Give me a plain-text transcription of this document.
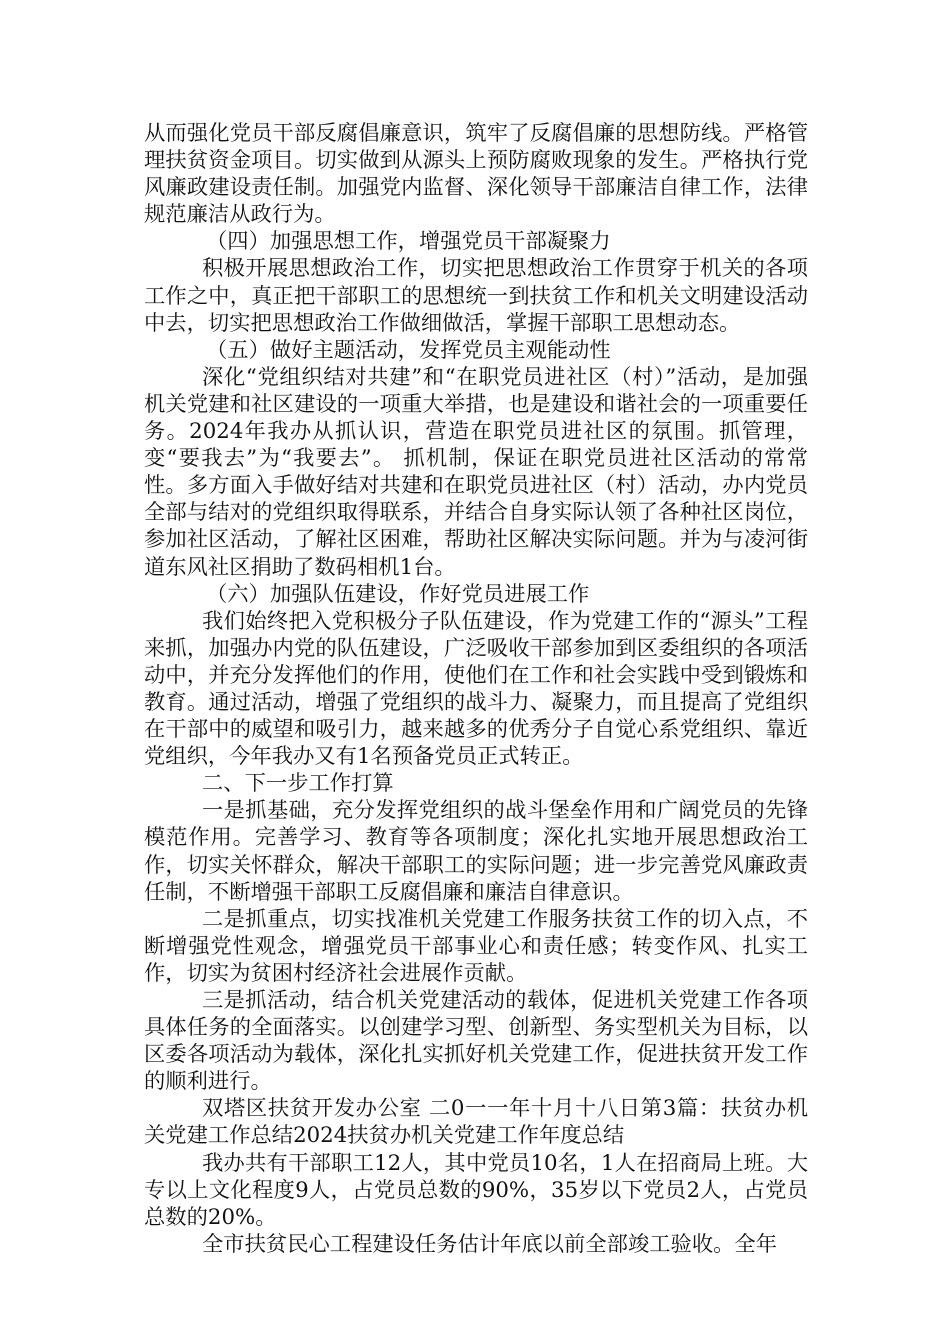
从而强化党员干部反腐倡廉意识，筑牢了反腐倡廉的思想防线。严格管理扶贫资金项目。切实做到从源头上预防腐败现象的发生。严格执行党风廉政建设责任制。加强党内监督、深化领导干部廉洁自律工作，法律规范廉洁从政行为。

（四）加强思想工作，增强党员干部凝聚力

积极开展思想政治工作，切实把思想政治工作贯穿于机关的各项工作之中，真正把干部职工的思想统一到扶贫工作和机关文明建设活动中去，切实把思想政治工作做细做活，掌握干部职工思想动态。

（五）做好主题活动，发挥党员主观能动性

深化“党组织结对共建”和“在职党员进社区（村）”活动，是加强机关党建和社区建设的一项重大举措，也是建设和谐社会的一项重要任务。2024年我办从抓认识，营造在职党员进社区的氛围。抓管理，变“要我去”为“我要去”。 抓机制，保证在职党员进社区活动的常常性。多方面入手做好结对共建和在职党员进社区（村）活动，办内党员全部与结对的党组织取得联系，并结合自身实际认领了各种社区岗位，参加社区活动，了解社区困难，帮助社区解决实际问题。并为与凌河街道东风社区捐助了数码相机1台。

（六）加强队伍建设，作好党员进展工作

我们始终把入党积极分子队伍建设，作为党建工作的“源头”工程来抓，加强办内党的队伍建设，广泛吸收干部参加到区委组织的各项活动中，并充分发挥他们的作用，使他们在工作和社会实践中受到锻炼和教育。通过活动，增强了党组织的战斗力、凝聚力，而且提高了党组织在干部中的威望和吸引力，越来越多的优秀分子自觉心系党组织、靠近党组织，今年我办又有1名预备党员正式转正。

二、下一步工作打算

一是抓基础，充分发挥党组织的战斗堡垒作用和广阔党员的先锋模范作用。完善学习、教育等各项制度；深化扎实地开展思想政治工作，切实关怀群众，解决干部职工的实际问题；进一步完善党风廉政责任制，不断增强干部职工反腐倡廉和廉洁自律意识。

二是抓重点，切实找准机关党建工作服务扶贫工作的切入点，不断增强党性观念，增强党员干部事业心和责任感；转变作风、扎实工作，切实为贫困村经济社会进展作贡献。

三是抓活动，结合机关党建活动的载体，促进机关党建工作各项具体任务的全面落实。以创建学习型、创新型、务实型机关为目标，以区委各项活动为载体，深化扎实抓好机关党建工作，促进扶贫开发工作的顺利进行。

双塔区扶贫开发办公室 二0一一年十月十八日第3篇：扶贫办机关党建工作总结2024扶贫办机关党建工作年度总结

我办共有干部职工12人，其中党员10名，1人在招商局上班。大专以上文化程度9人，占党员总数的90%，35岁以下党员2人，占党员总数的20%。

全市扶贫民心工程建设任务估计年底以前全部竣工验收。全年
